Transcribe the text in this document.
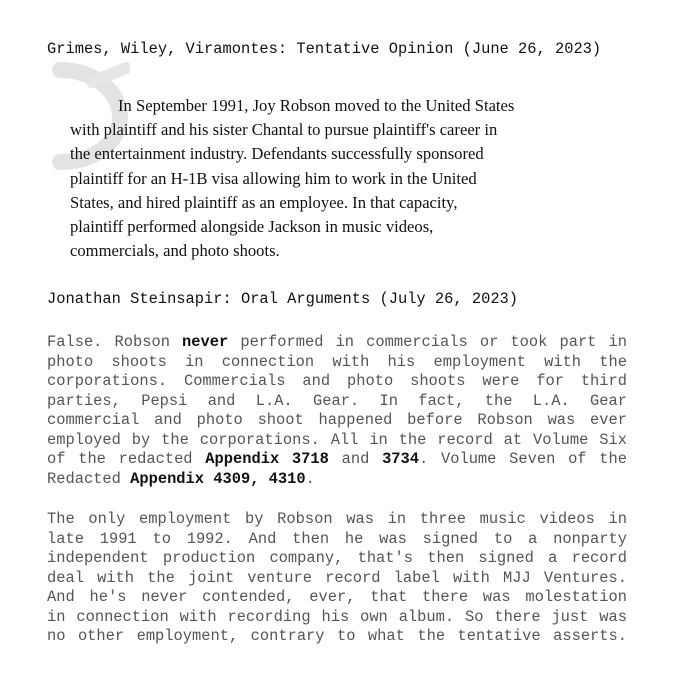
Grimes, Wiley, Viramontes: Tentative Opinion (June 26, 2023)
In September 1991, Joy Robson moved to the United States
with plaintiff and his sister Chantal to pursue plaintiff's career in
the entertainment industry. Defendants successfully sponsored
plaintiff for an H-1B visa allowing him to work in the United
States, and hired plaintiff as an employee. In that capacity,
plaintiff performed alongside Jackson in music videos,
commercials, and photo shoots.
Jonathan Steinsapir: Oral Arguments (July 26, 2023)
False. Robson never performed in commercials or took part in
photo shoots in connection with his employment with the
corporations. Commercials and photo shoots were for third
parties, Pepsi and L.A. Gear. In fact, the L.A. Gear
commercial and photo shoot happened before Robson was ever
employed by the corporations. All in the record at Volume Six
of the redacted Appendix 3718 and 3734. Volume Seven of the
Redacted Appendix 4309, 4310.
The only employment by Robson was in three music videos in
late 1991 to 1992. And then he was signed to a nonparty
independent production company, that's then signed a record
deal with the joint venture record label with MJJ Ventures.
And he's never contended, ever, that there was molestation
in connection with recording his own album. So there just was
no other employment, contrary to what the tentative asserts.
